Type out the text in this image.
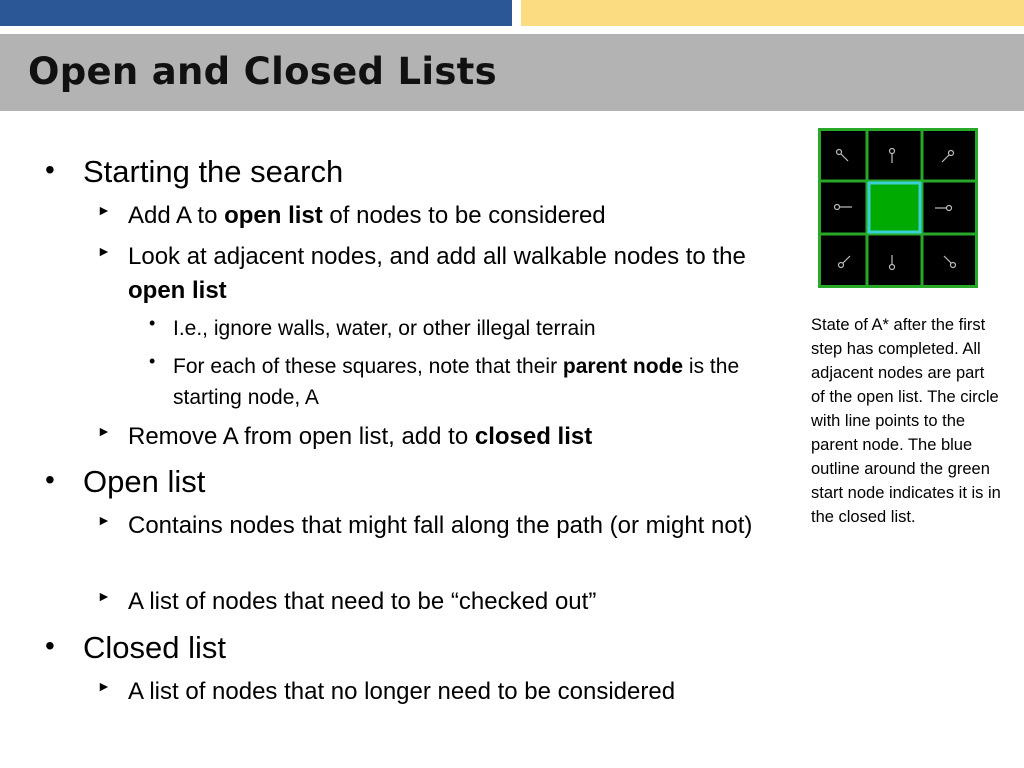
Open and Closed Lists
• Starting the search
► Add A to open list of nodes to be considered
► Look at adjacent nodes, and add all walkable nodes to the open list
• I.e., ignore walls, water, or other illegal terrain
• For each of these squares, note that their parent node is the starting node, A
► Remove A from open list, add to closed list
• Open list
► Contains nodes that might fall along the path (or might not)
► A list of nodes that need to be “checked out”
• Closed list
► A list of nodes that no longer need to be considered
State of A* after the first step has completed. All adjacent nodes are part of the open list. The circle with line points to the parent node. The blue outline around the green start node indicates it is in the closed list.
